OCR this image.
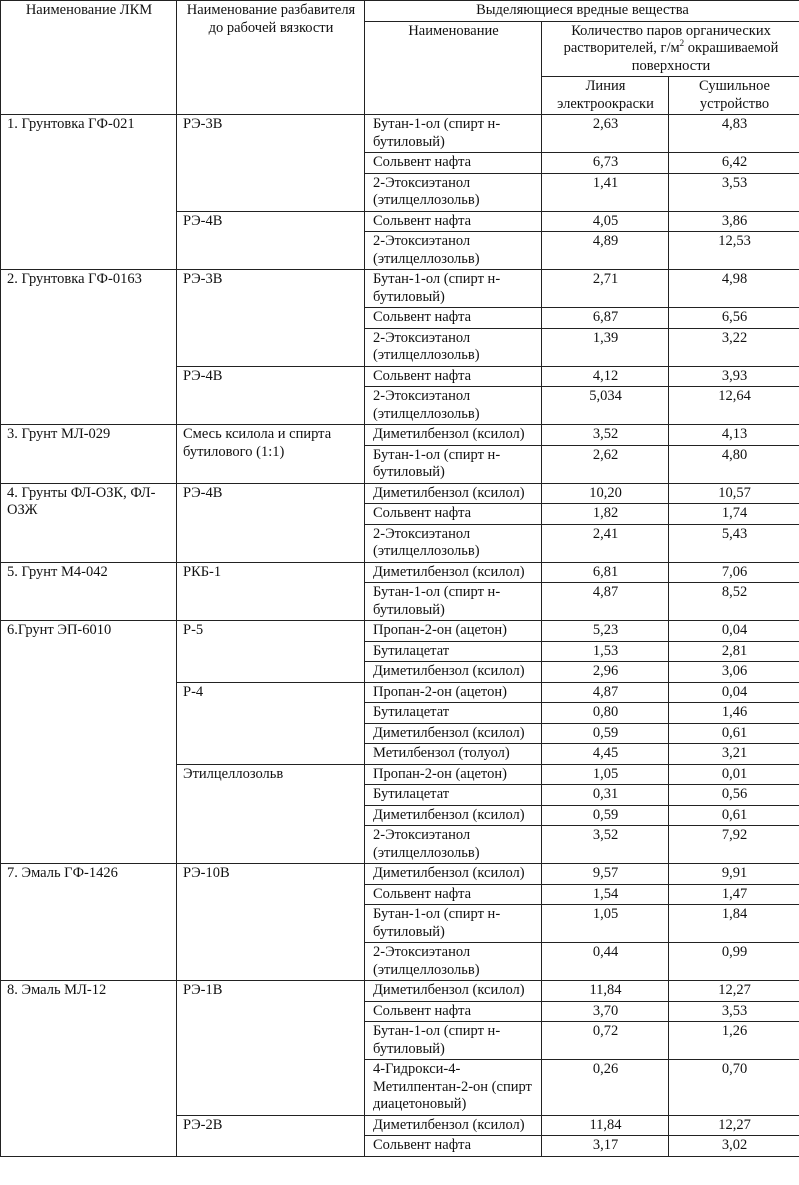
Наименование ЛКМ	Наименование разбавителя до рабочей вязкости	Выделяющиеся вредные вещества		
		Наименование	Количество паров органических растворителей, $г/м^2$ окрашиваемой поверхности	
			Линия электроокраски	Сушильное устройство
1. Грунтовка ГФ-021	РЭ-3В	Бутан-1-ол (спирт н-бутиловый)	2,63	4,83
		Сольвент нафта	6,73	6,42
		2-Этоксиэтанол (этилцеллозольв)	1,41	3,53
	РЭ-4В	Сольвент нафта	4,05	3,86
		2-Этоксиэтанол (этилцеллозольв)	4,89	12,53
2. Грунтовка ГФ-0163	РЭ-3В	Бутан-1-ол (спирт н-бутиловый)	2,71	4,98
		Сольвент нафта	6,87	6,56
		2-Этоксиэтанол (этилцеллозольв)	1,39	3,22
	РЭ-4В	Сольвент нафта	4,12	3,93
		2-Этоксиэтанол (этилцеллозольв)	5,034	12,64
3. Грунт МЛ-029	Смесь ксилола и спирта бутилового (1:1)	Диметилбензол (ксилол)	3,52	4,13
		Бутан-1-ол (спирт н-бутиловый)	2,62	4,80
4. Грунты ФЛ-ОЗК, ФЛ-ОЗЖ	РЭ-4В	Диметилбензол (ксилол)	10,20	10,57
		Сольвент нафта	1,82	1,74
		2-Этоксиэтанол (этилцеллозольв)	2,41	5,43
5. Грунт М4-042	РКБ-1	Диметилбензол (ксилол)	6,81	7,06
		Бутан-1-ол (спирт н-бутиловый)	4,87	8,52
6.Грунт ЭП-6010	Р-5	Пропан-2-он (ацетон)	5,23	0,04
		Бутилацетат	1,53	2,81
		Диметилбензол (ксилол)	2,96	3,06
	Р-4	Пропан-2-он (ацетон)	4,87	0,04
		Бутилацетат	0,80	1,46
		Диметилбензол (ксилол)	0,59	0,61
		Метилбензол (толуол)	4,45	3,21
	Этилцеллозольв	Пропан-2-он (ацетон)	1,05	0,01
		Бутилацетат	0,31	0,56
		Диметилбензол (ксилол)	0,59	0,61
		2-Этоксиэтанол (этилцеллозольв)	3,52	7,92
7. Эмаль ГФ-1426	РЭ-10В	Диметилбензол (ксилол)	9,57	9,91
		Сольвент нафта	1,54	1,47
		Бутан-1-ол (спирт н-бутиловый)	1,05	1,84
		2-Этоксиэтанол (этилцеллозольв)	0,44	0,99
8. Эмаль МЛ-12	РЭ-1В	Диметилбензол (ксилол)	11,84	12,27
		Сольвент нафта	3,70	3,53
		Бутан-1-ол (спирт н-бутиловый)	0,72	1,26
		4-Гидрокси-4-Метилпентан-2-он (спирт диацетоновый)	0,26	0,70
	РЭ-2В	Диметилбензол (ксилол)	11,84	12,27
		Сольвент нафта	3,17	3,02
